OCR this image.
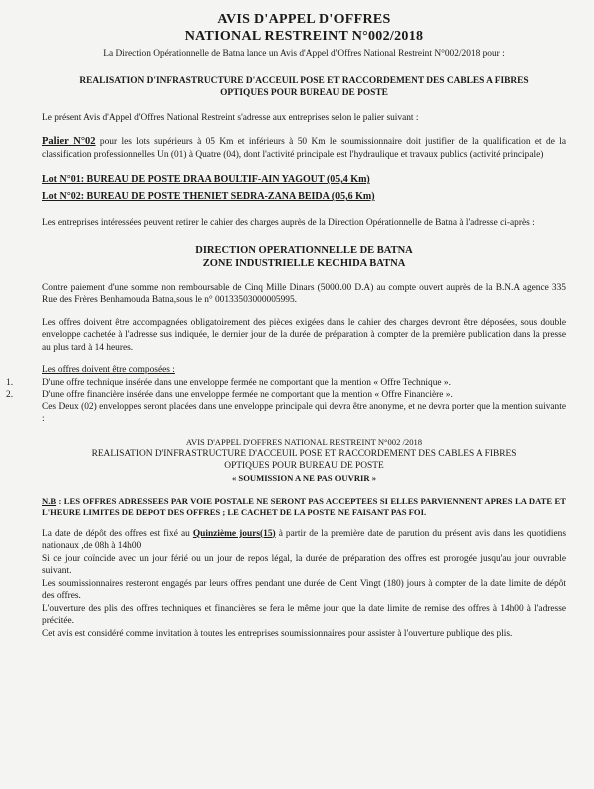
AVIS D'APPEL D'OFFRES
NATIONAL RESTREINT N°002/2018

La Direction Opérationnelle de Batna lance un Avis d'Appel d'Offres National Restreint N°002/2018 pour :

REALISATION D'INFRASTRUCTURE D'ACCEUIL POSE ET RACCORDEMENT DES CABLES A FIBRES OPTIQUES POUR BUREAU DE POSTE

Le présent Avis d'Appel d'Offres National Restreint s'adresse aux entreprises selon le palier suivant :

Palier N°02 pour les lots supérieurs à 05 Km et inférieurs à 50 Km le soumissionnaire doit justifier de la qualification et de la classification professionnelles Un (01) à Quatre (04), dont l'activité principale est l'hydraulique et travaux publics (activité principale)

Lot N°01: BUREAU DE POSTE DRAA BOULTIF-AIN YAGOUT (05,4 Km)

Lot N°02: BUREAU DE POSTE THENIET SEDRA-ZANA BEIDA (05,6 Km)

Les entreprises intéressées peuvent retirer le cahier des charges auprès de la Direction Opérationnelle de Batna à l'adresse ci-après :

DIRECTION OPERATIONNELLE DE BATNA

ZONE INDUSTRIELLE KECHIDA BATNA

Contre paiement d'une somme non remboursable de Cinq Mille Dinars (5000.00 D.A) au compte ouvert auprès de la B.N.A agence 335 Rue des Frères Benhamouda Batna,sous le n° 00133503000005995.

Les offres doivent être accompagnées obligatoirement des pièces exigées dans le cahier des charges devront être déposées, sous double enveloppe cachetée à l'adresse sus indiquée, le dernier jour de la durée de préparation à compter de la première publication dans la presse au plus tard à 14 heures.

Les offres doivent être composées :

1.	D'une offre technique insérée dans une enveloppe fermée ne comportant que la mention « Offre Technique ».
2.	D'une offre financière insérée dans une enveloppe fermée ne comportant que la mention « Offre Financière ».
Ces Deux (02) enveloppes seront placées dans une enveloppe principale qui devra être anonyme, et ne devra porter que la mention suivante :

AVIS D'APPEL D'OFFRES NATIONAL RESTREINT N°002 /2018

REALISATION D'INFRASTRUCTURE D'ACCEUIL POSE ET RACCORDEMENT DES CABLES A FIBRES OPTIQUES POUR BUREAU DE POSTE

« SOUMISSION A NE PAS OUVRIR »

N.B : LES OFFRES ADRESSEES PAR VOIE POSTALE NE SERONT PAS ACCEPTEES SI ELLES PARVIENNENT APRES LA DATE ET L'HEURE LIMITES DE DEPOT DES OFFRES ; LE CACHET DE LA POSTE NE FAISANT PAS FOI.

La date de dépôt des offres est fixé au Quinzième jours(15) à partir de la première date de parution du présent avis dans les quotidiens nationaux ,de 08h à 14h00

Si ce jour coïncide avec un jour férié ou un jour de repos légal, la durée de préparation des offres est prorogée jusqu'au jour ouvrable suivant.

Les soumissionnaires resteront engagés par leurs offres pendant une durée de Cent Vingt (180) jours à compter de la date limite de dépôt des offres.

L'ouverture des plis des offres techniques et financières se fera le même jour que la date limite de remise des offres à 14h00 à l'adresse précitée.

Cet avis est considéré comme invitation à toutes les entreprises soumissionnaires pour assister à l'ouverture publique des plis.
